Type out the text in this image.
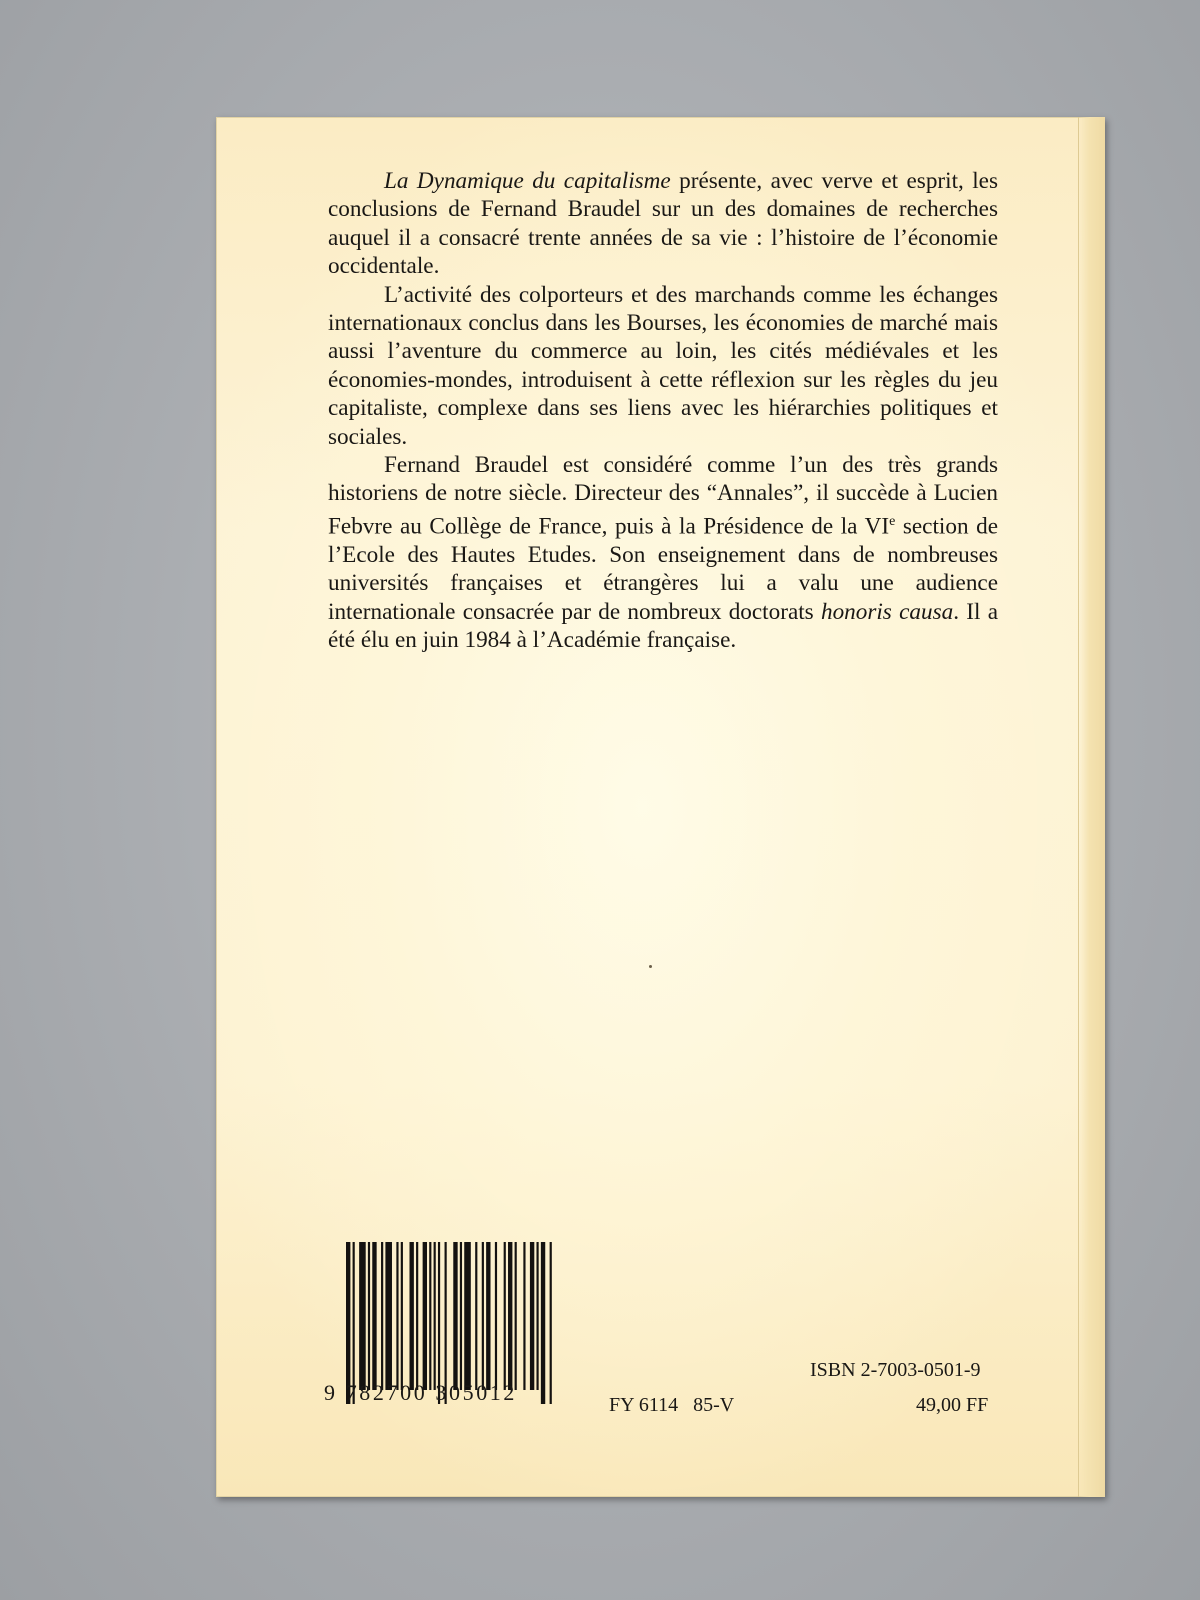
La Dynamique du capitalisme présente, avec verve et esprit, les conclusions de Fernand Braudel sur un des domaines de recherches auquel il a consacré trente années de sa vie : l’histoire de l’économie occidentale.

L’activité des colporteurs et des marchands comme les échanges internationaux conclus dans les Bourses, les économies de marché mais aussi l’aventure du commerce au loin, les cités médiévales et les économies-mondes, introduisent à cette réflexion sur les règles du jeu capitaliste, complexe dans ses liens avec les hiérarchies politiques et sociales.

Fernand Braudel est considéré comme l’un des très grands historiens de notre siècle. Directeur des “Annales”, il succède à Lucien Febvre au Collège de France, puis à la Présidence de la VIe section de l’Ecole des Hautes Etudes. Son enseignement dans de nombreuses universités françaises et étrangères lui a valu une audience internationale consacrée par de nombreux doctorats honoris causa. Il a été élu en juin 1984 à l’Académie française.

9 782700 305012	FY 6114   85-V
ISBN 2-7003-0501-9
49,00 FF
